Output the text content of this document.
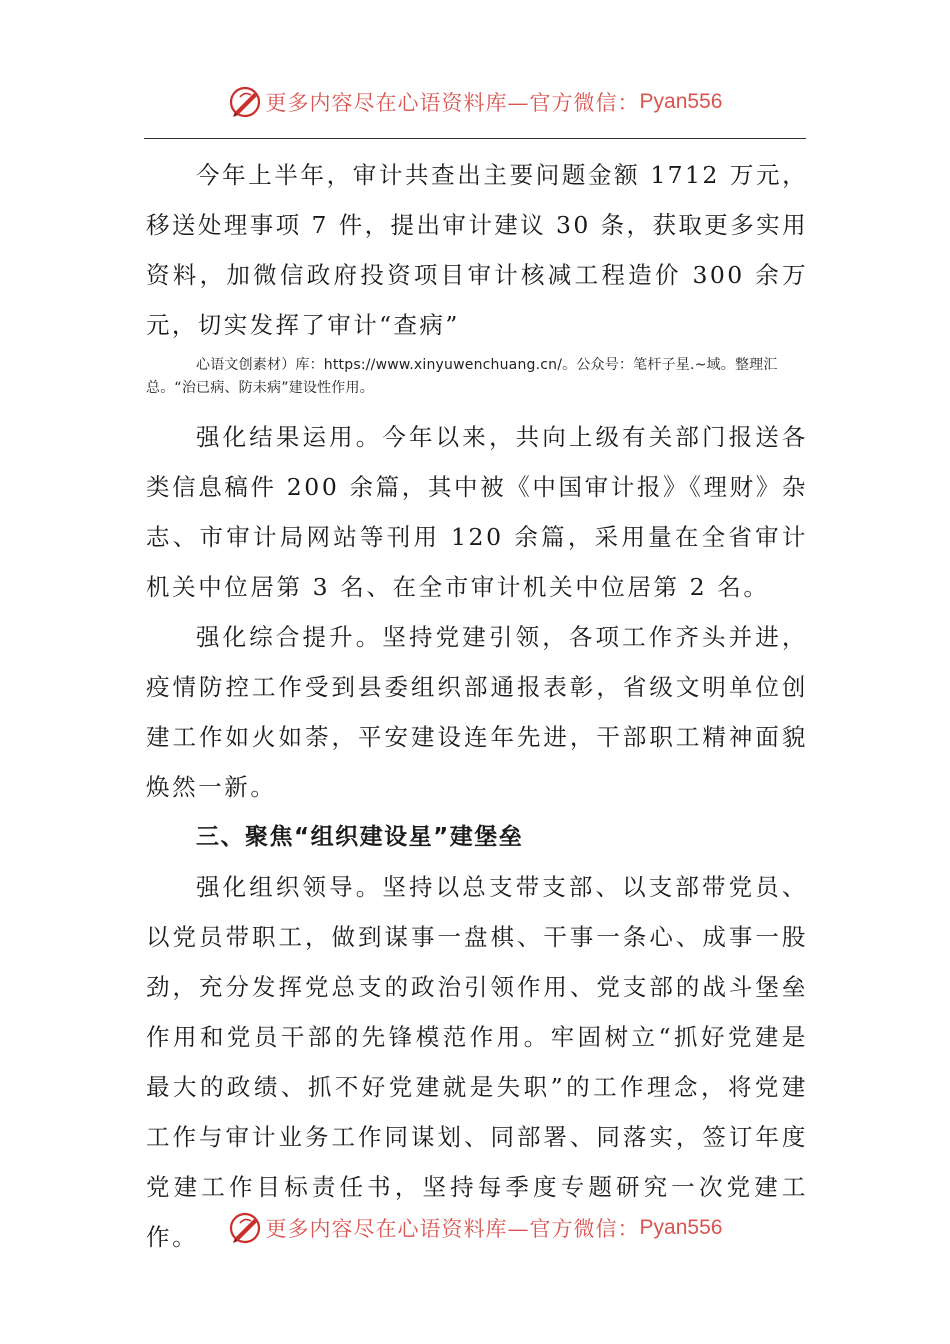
更多内容尽在心语资料库—官方微信： Pyan556

今年上半年，审计共查出主要问题金额 1712 万元，移送处理事项 7 件，提出审计建议 30 条，获取更多实用资料，加微信政府投资项目审计核减工程造价 300 余万元，切实发挥了审计“查病”

心语文创素材）库：https://www.xinyuwenchuang.cn/。公众号：笔杆子星.~域。整理汇总。“治已病、防未病”建设性作用。

强化结果运用。今年以来，共向上级有关部门报送各类信息稿件 200 余篇，其中被《中国审计报》《理财》杂志、市审计局网站等刊用 120 余篇，采用量在全省审计机关中位居第 3 名、在全市审计机关中位居第 2 名。

强化综合提升。坚持党建引领，各项工作齐头并进，疫情防控工作受到县委组织部通报表彰，省级文明单位创建工作如火如荼，平安建设连年先进，干部职工精神面貌焕然一新。

三、聚焦“组织建设星”建堡垒

强化组织领导。坚持以总支带支部、以支部带党员、以党员带职工，做到谋事一盘棋、干事一条心、成事一股劲，充分发挥党总支的政治引领作用、党支部的战斗堡垒作用和党员干部的先锋模范作用。牢固树立“抓好党建是最大的政绩、抓不好党建就是失职”的工作理念，将党建工作与审计业务工作同谋划、同部署、同落实，签订年度党建工作目标责任书，坚持每季度专题研究一次党建工作。	更多内容尽在心语资料库—官方微信： Pyan556
